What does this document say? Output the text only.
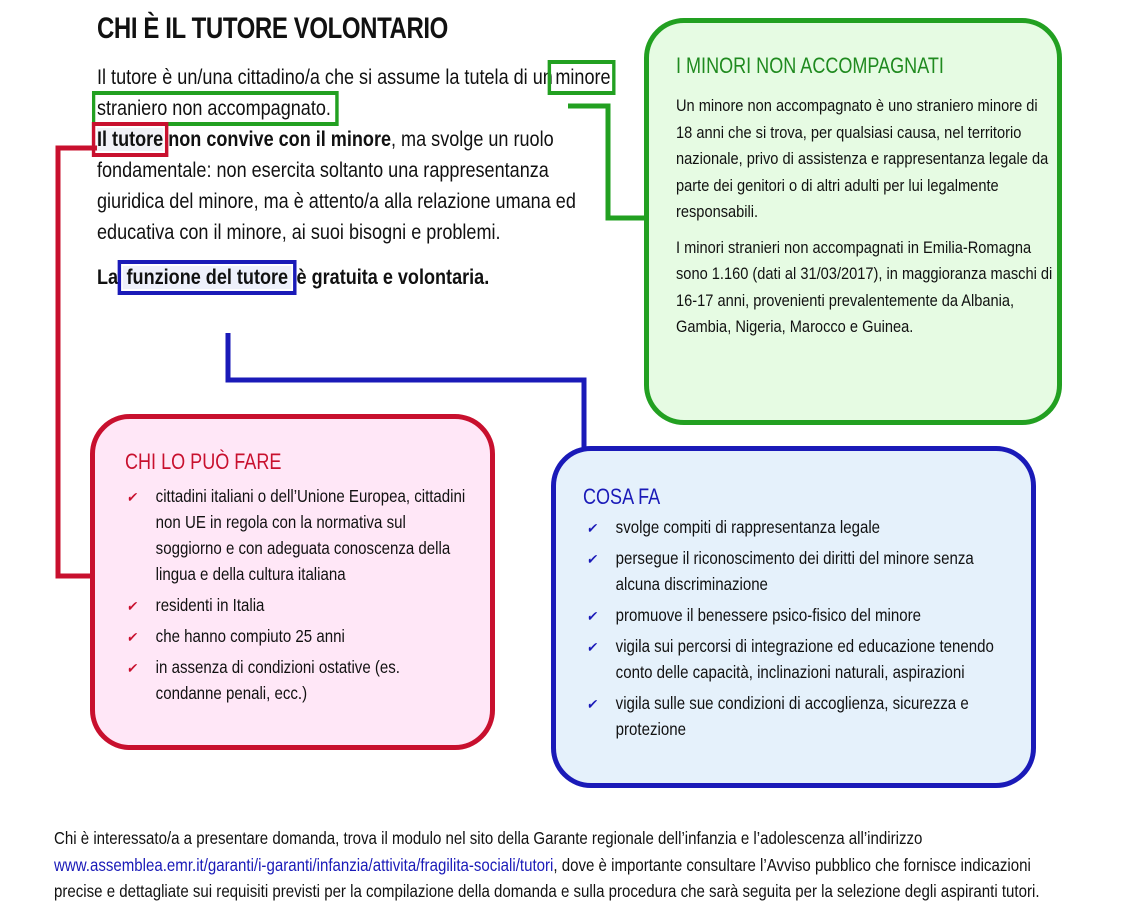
CHI È IL TUTORE VOLONTARIO

Il tutore è un/una cittadino/a che si assume la tutela di un minore straniero non accompagnato.

Il tutore non convive con il minore, ma svolge un ruolo fondamentale: non esercita soltanto una rappresentanza giuridica del minore, ma è attento/a alla relazione umana ed educativa con il minore, ai suoi bisogni e problemi.

La funzione del tutore è gratuita e volontaria.

I MINORI NON ACCOMPAGNATI

Un minore non accompagnato è uno straniero minore di 18 anni che si trova, per qualsiasi causa, nel territorio nazionale, privo di assistenza e rappresentanza legale da parte dei genitori o di altri adulti per lui legalmente responsabili.

I minori stranieri non accompagnati in Emilia-Romagna sono 1.160 (dati al 31/03/2017), in maggioranza maschi di 16-17 anni, provenienti prevalentemente da Albania, Gambia, Nigeria, Marocco e Guinea.

CHI LO PUÒ FARE
✔ cittadini italiani o dell’Unione Europea, cittadini non UE in regola con la normativa sul soggiorno e con adeguata conoscenza della lingua e della cultura italiana
✔ residenti in Italia
✔ che hanno compiuto 25 anni
✔ in assenza di condizioni ostative (es. condanne penali, ecc.)
COSA FA
✔ svolge compiti di rappresentanza legale
✔ persegue il riconoscimento dei diritti del minore senza alcuna discriminazione
✔ promuove il benessere psico-fisico del minore
✔ vigila sui percorsi di integrazione ed educazione tenendo conto delle capacità, inclinazioni naturali, aspirazioni
✔ vigila sulle sue condizioni di accoglienza, sicurezza e protezione
Chi è interessato/a a presentare domanda, trova il modulo nel sito della Garante regionale dell’infanzia e l’adolescenza all’indirizzo www.assemblea.emr.it/garanti/i-garanti/infanzia/attivita/fragilita-sociali/tutori, dove è importante consultare l’Avviso pubblico che fornisce indicazioni precise e dettagliate sui requisiti previsti per la compilazione della domanda e sulla procedura che sarà seguita per la selezione degli aspiranti tutori.
